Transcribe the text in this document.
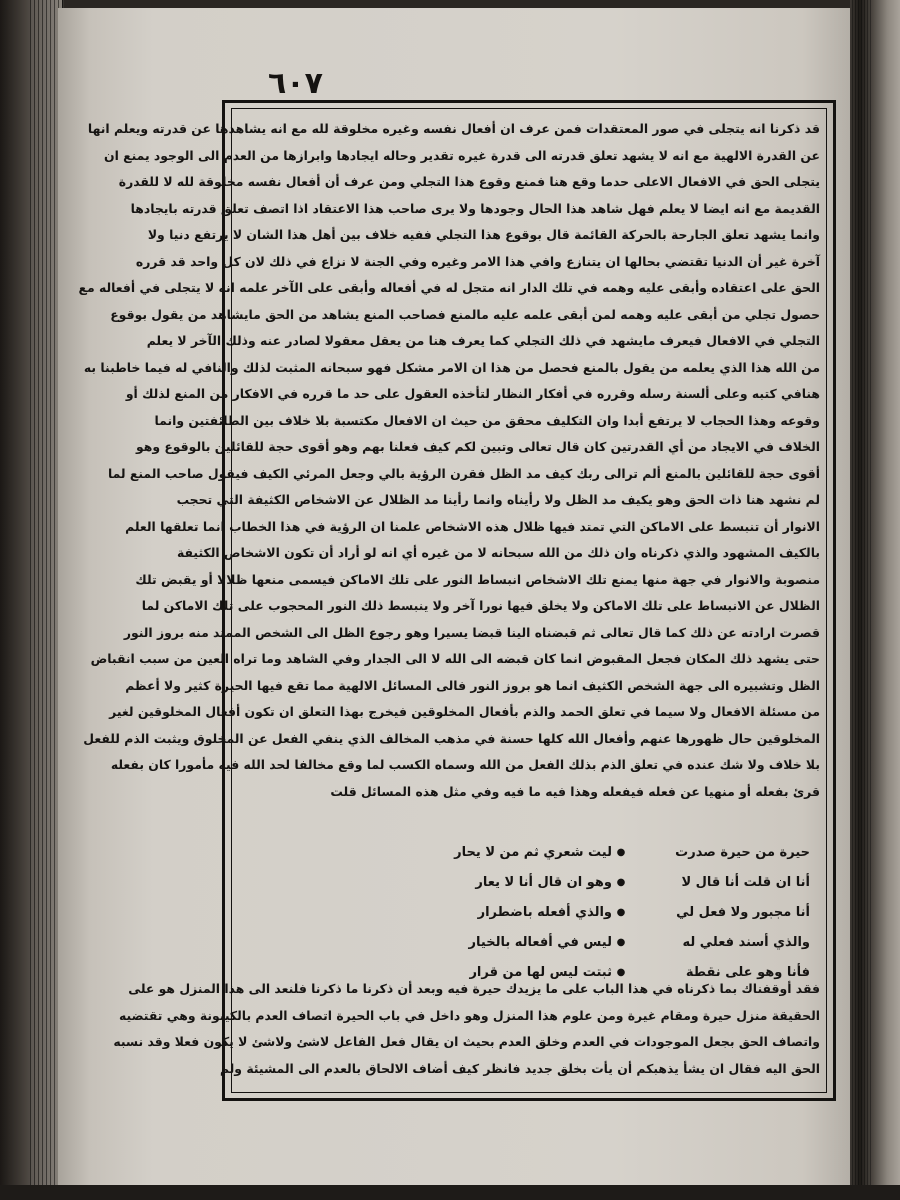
٦٠٧
قد ذكرنا انه يتجلى في صور المعتقدات فمن عرف ان أفعال نفسه وغيره مخلوقة لله مع انه يشاهدها عن قدرته ويعلم انها
عن القدرة الالهية مع انه لا يشهد تعلق قدرته الى قدرة غيره تقدير وحاله ايجادها وابرازها من العدم الى الوجود يمنع ان
يتجلى الحق في الافعال الاعلى حدما وقع هنا فمنع وقوع هذا التجلي ومن عرف أن أفعال نفسه مخلوقة لله لا للقدرة
القديمة مع انه ايضا لا يعلم فهل شاهد هذا الحال وجودها ولا يرى صاحب هذا الاعتقاد اذا اتصف تعلق قدرته بايجادها
وانما يشهد تعلق الجارحة بالحركة القائمة قال بوقوع هذا التجلي ففيه خلاف بين أهل هذا الشان لا يرتفع دنيا ولا
آخرة غير أن الدنيا تقتضي بحالها ان يتنازع وافي هذا الامر وغيره وفي الجنة لا نزاع في ذلك لان كل واحد قد قرره
الحق على اعتقاده وأبقى عليه وهمه في تلك الدار انه متجل له في أفعاله وأبقى على الآخر علمه انه لا يتجلى في أفعاله مع
حصول تجلي من أبقى عليه وهمه لمن أبقى علمه عليه مالمنع فصاحب المنع يشاهد من الحق مايشاهد من يقول بوقوع
التجلي في الافعال فيعرف مايشهد في ذلك التجلي كما يعرف هنا من يعقل معقولا لصادر عنه وذلك الآخر لا يعلم
من الله هذا الذي يعلمه من يقول بالمنع فحصل من هذا ان الامر مشكل فهو سبحانه المثبت لذلك والنافي له فيما خاطبنا به
هنافي كتبه وعلى ألسنة رسله وقرره في أفكار النظار لتأخذه العقول على حد ما قرره في الافكار من المنع لذلك أو
وقوعه وهذا الحجاب لا يرتفع أبدا وان التكليف محقق من حيث ان الافعال مكتسبة بلا خلاف بين الطائفتين وانما
الخلاف في الايجاد من أي القدرتين كان قال تعالى وتبين لكم كيف فعلنا بهم وهو أقوى حجة للقائلين بالوقوع وهو
أقوى حجة للقائلين بالمنع ألم ترالى ربك كيف مد الظل فقرن الرؤية بالي وجعل المرئي الكيف فيقول صاحب المنع لما
لم نشهد هنا ذات الحق وهو يكيف مد الظل ولا رأيناه وانما رأينا مد الظلال عن الاشخاص الكثيفة التي تحجب
الانوار أن تنبسط على الاماكن التي تمتد فيها ظلال هذه الاشخاص علمنا ان الرؤية في هذا الخطاب انما تعلقها العلم
بالكيف المشهود والذي ذكرناه وان ذلك من الله سبحانه لا من غيره أي انه لو أراد أن تكون الاشخاص الكثيفة
منصوبة والانوار في جهة منها يمنع تلك الاشخاص انبساط النور على تلك الاماكن فيسمى منعها ظلالا أو يقبض تلك
الظلال عن الانبساط على تلك الاماكن ولا يخلق فيها نورا آخر ولا ينبسط ذلك النور المحجوب على تلك الاماكن لما
قصرت ارادته عن ذلك كما قال تعالى ثم قبضناه الينا قبضا يسيرا وهو رجوع الظل الى الشخص الممتد منه بروز النور
حتى يشهد ذلك المكان فجعل المقبوض انما كان قبضه الى الله لا الى الجدار وفي الشاهد وما تراه العين من سبب انقباض
الظل وتشبيره الى جهة الشخص الكثيف انما هو بروز النور فالى المسائل الالهية مما تقع فيها الحيرة كثير ولا أعظم
من مسئلة الافعال ولا سيما في تعلق الحمد والذم بأفعال المخلوقين فيخرج بهذا التعلق ان تكون أفعال المخلوقين لغير
المخلوقين حال ظهورها عنهم وأفعال الله كلها حسنة في مذهب المخالف الذي ينفي الفعل عن المخلوق ويثبت الذم للفعل
بلا خلاف ولا شك عنده في تعلق الذم بذلك الفعل من الله وسماه الكسب لما وقع مخالفا لحد الله فيه مأمورا كان بفعله
قرئ بفعله أو منهيا عن فعله فيفعله وهذا فيه ما فيه وفي مثل هذه المسائل قلت
حيرة من حيرة صدرت
●
ليت شعري ثم من لا يحار
أنا ان قلت أنا قال لا
●
وهو ان قال أنا لا يعار
أنا مجبور ولا فعل لي
●
والذي أفعله باضطرار
والذي أسند فعلي له
●
ليس في أفعاله بالخيار
فأنا وهو على نقطة
●
ثبتت ليس لها من قرار
فقد أوقفناك بما ذكرناه في هذا الباب على ما يزيدك حيرة فيه وبعد أن ذكرنا ما ذكرنا فلنعد الى هذا المنزل هو على
الحقيقة منزل حيرة ومقام غيرة ومن علوم هذا المنزل وهو داخل في باب الحيرة اتصاف العدم بالكينونة وهي تقتضيه
واتصاف الحق بجعل الموجودات في العدم وخلق العدم بحيث ان يقال فعل الفاعل لاشئ ولاشئ لا يكون فعلا وقد نسبه
الحق اليه فقال ان يشأ يذهبكم أن يأت بخلق جديد فانظر كيف أضاف الالحاق بالعدم الى المشيئة ولم
